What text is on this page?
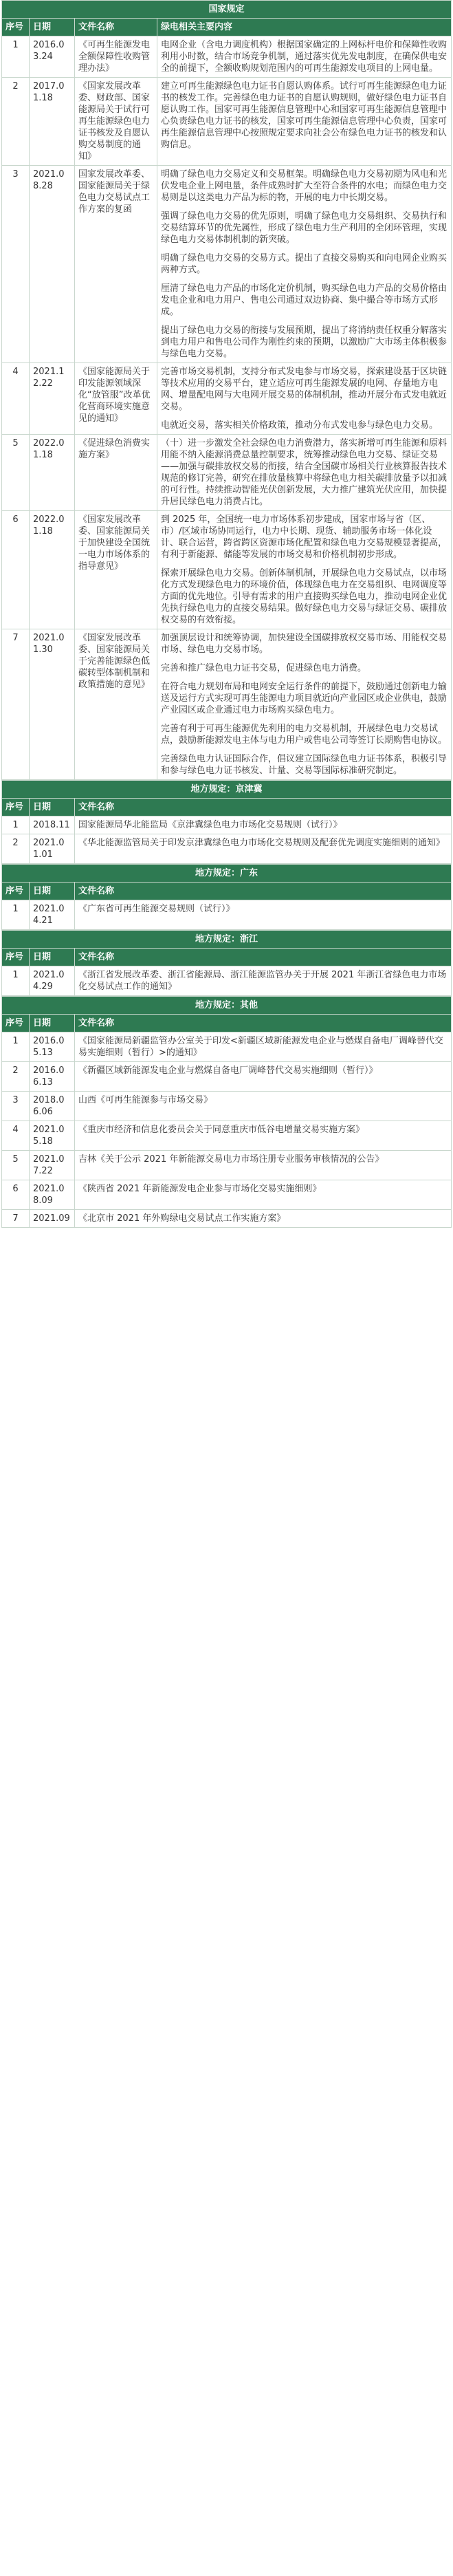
国家规定			
序号	日期	文件名称	绿电相关主要内容
1	2016.03.24	《可再生能源发电全额保障性收购管理办法》	电网企业（含电力调度机构）根据国家确定的上网标杆电价和保障性收购利用小时数，结合市场竞争机制，通过落实优先发电制度，在确保供电安全的前提下，全额收购规划范围内的可再生能源发电项目的上网电量。

2	2017.01.18	《国家发展改革委、财政部、国家能源局关于试行可再生能源绿色电力证书核发及自愿认购交易制度的通知》	建立可再生能源绿色电力证书自愿认购体系。试行可再生能源绿色电力证书的核发工作。完善绿色电力证书的自愿认购规则，做好绿色电力证书自愿认购工作。国家可再生能源信息管理中心和国家可再生能源信息管理中心负责绿色电力证书的核发，国家可再生能源信息管理中心负责，国家可再生能源信息管理中心按照规定要求向社会公布绿色电力证书的核发和认购信息。

3	2021.08.28	国家发展改革委、国家能源局关于绿色电力交易试点工作方案的复函	明确了绿色电力交易定义和交易框架。明确绿色电力交易初期为风电和光伏发电企业上网电量，条件成熟时扩大至符合条件的水电；而绿色电力交易则是以这类电力产品为标的物，开展的电力中长期交易。

强调了绿色电力交易的优先原则，明确了绿色电力交易组织、交易执行和交易结算环节的优先属性，形成了绿色电力生产利用的全闭环管理，实现绿色电力交易体制机制的新突破。

明确了绿色电力交易的交易方式。提出了直接交易购买和向电网企业购买两种方式。

厘清了绿色电力产品的市场化定价机制，购买绿色电力产品的交易价格由发电企业和电力用户、售电公司通过双边协商、集中撮合等市场方式形成。

提出了绿色电力交易的衔接与发展预期，提出了将消纳责任权重分解落实到电力用户和售电公司作为刚性约束的预期，以激励广大市场主体积极参与绿色电力交易。

4	2021.12.22	《国家能源局关于印发能源领域深化“放管服”改革优化营商环境实施意见的通知》	完善市场交易机制，支持分布式发电参与市场交易，探索建设基于区块链等技术应用的交易平台，建立适应可再生能源发展的电网、存量地方电网、增量配电网与大电网开展交易的体制机制，推动开展分布式发电就近交易。

电就近交易，落实相关价格政策，推动分布式发电参与绿色电力交易。

5	2022.01.18	《促进绿色消费实施方案》	（十）进一步激发全社会绿色电力消费潜力，落实新增可再生能源和原料用能不纳入能源消费总量控制要求，统筹推动绿色电力交易、绿证交易——加强与碳排放权交易的衔接，结合全国碳市场相关行业核算报告技术规范的修订完善，研究在排放量核算中将绿色电力相关碳排放量予以扣减的可行性。持续推动智能光伏创新发展，大力推广建筑光伏应用，加快提升居民绿色电力消费占比。

6	2022.01.18	《国家发展改革委、国家能源局关于加快建设全国统一电力市场体系的指导意见》	到 2025 年，全国统一电力市场体系初步建成，国家市场与省（区、市）/区域市场协同运行，电力中长期、现货、辅助服务市场一体化设计、联合运营，跨省跨区资源市场化配置和绿色电力交易规模显著提高，有利于新能源、储能等发展的市场交易和价格机制初步形成。

探索开展绿色电力交易。创新体制机制，开展绿色电力交易试点，以市场化方式发现绿色电力的环境价值，体现绿色电力在交易组织、电网调度等方面的优先地位。引导有需求的用户直接购买绿色电力，推动电网企业优先执行绿色电力的直接交易结果。做好绿色电力交易与绿证交易、碳排放权交易的有效衔接。

7	2021.01.30	《国家发展改革委、国家能源局关于完善能源绿色低碳转型体制机制和政策措施的意见》	加强顶层设计和统筹协调，加快建设全国碳排放权交易市场、用能权交易市场、绿色电力交易市场。

完善和推广绿色电力证书交易，促进绿色电力消费。

在符合电力规划布局和电网安全运行条件的前提下，鼓励通过创新电力输送及运行方式实现可再生能源电力项目就近向产业园区或企业供电，鼓励产业园区或企业通过电力市场购买绿色电力。

完善有利于可再生能源优先利用的电力交易机制，开展绿色电力交易试点，鼓励新能源发电主体与电力用户或售电公司等签订长期购售电协议。

完善绿色电力认证国际合作，倡议建立国际绿色电力证书体系，积极引导和参与绿色电力证书核发、计量、交易等国际标准研究制定。

地方规定：京津冀		
序号	日期	文件名称
1	2018.11	国家能源局华北能监局《京津冀绿色电力市场化交易规则（试行）》
2	2021.01.01	《华北能源监管局关于印发京津冀绿色电力市场化交易规则及配套优先调度实施细则的通知》
地方规定：广东		
序号	日期	文件名称
1	2021.04.21	《广东省可再生能源交易规则（试行）》
地方规定：浙江		
序号	日期	文件名称
1	2021.04.29	《浙江省发展改革委、浙江省能源局、浙江能源监管办关于开展 2021 年浙江省绿色电力市场化交易试点工作的通知》
地方规定：其他		
序号	日期	文件名称
1	2016.05.13	《国家能源局新疆监管办公室关于印发<新疆区域新能源发电企业与燃煤自备电厂调峰替代交易实施细则（暂行）>的通知》
2	2016.06.13	《新疆区域新能源发电企业与燃煤自备电厂调峰替代交易实施细则（暂行）》
3	2018.06.06	山西《可再生能源参与市场交易》
4	2021.05.18	《重庆市经济和信息化委员会关于同意重庆市低谷电增量交易实施方案》
5	2021.07.22	吉林《关于公示 2021 年新能源交易电力市场注册专业服务审核情况的公告》
6	2021.08.09	《陕西省 2021 年新能源发电企业参与市场化交易实施细则》
7	2021.09	《北京市 2021 年外购绿电交易试点工作实施方案》
